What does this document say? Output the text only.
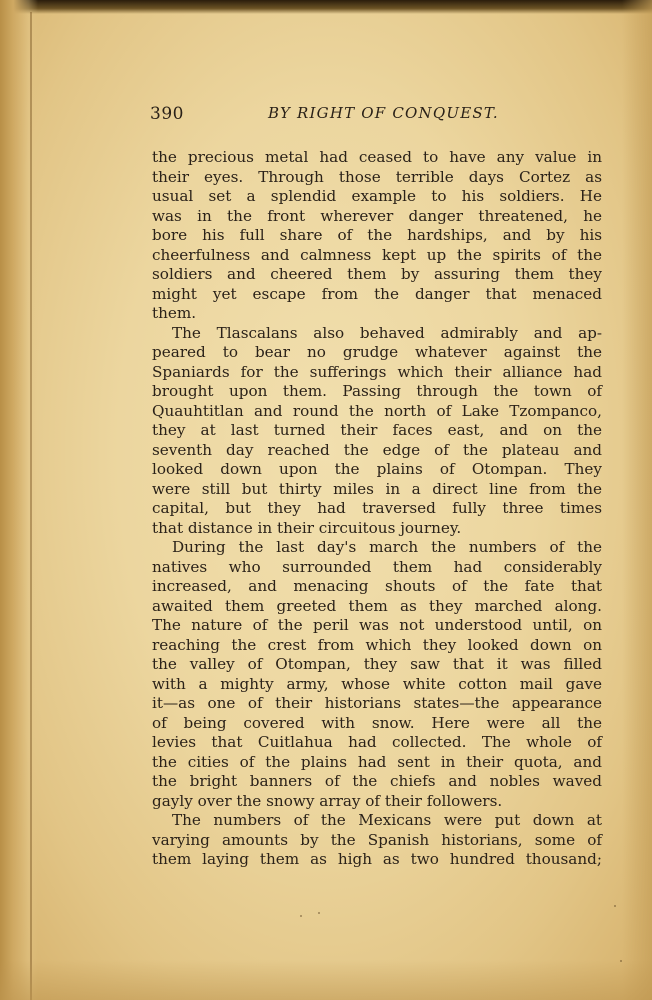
390	BY RIGHT OF CONQUEST.
the precious metal had ceased to have any value in
their eyes. Through those terrible days Cortez as
usual set a splendid example to his soldiers. He
was in the front wherever danger threatened, he
bore his full share of the hardships, and by his
cheerfulness and calmness kept up the spirits of the
soldiers and cheered them by assuring them they
might yet escape from the danger that menaced
them.
The Tlascalans also behaved admirably and ap-
peared to bear no grudge whatever against the
Spaniards for the sufferings which their alliance had
brought upon them. Passing through the town of
Quauhtitlan and round the north of Lake Tzompanco,
they at last turned their faces east, and on the
seventh day reached the edge of the plateau and
looked down upon the plains of Otompan. They
were still but thirty miles in a direct line from the
capital, but they had traversed fully three times
that distance in their circuitous journey.
During the last day's march the numbers of the
natives who surrounded them had considerably
increased, and menacing shouts of the fate that
awaited them greeted them as they marched along.
The nature of the peril was not understood until, on
reaching the crest from which they looked down on
the valley of Otompan, they saw that it was filled
with a mighty army, whose white cotton mail gave
it—as one of their historians states—the appearance
of being covered with snow. Here were all the
levies that Cuitlahua had collected. The whole of
the cities of the plains had sent in their quota, and
the bright banners of the chiefs and nobles waved
gayly over the snowy array of their followers.
The numbers of the Mexicans were put down at
varying amounts by the Spanish historians, some of
them laying them as high as two hundred thousand;
